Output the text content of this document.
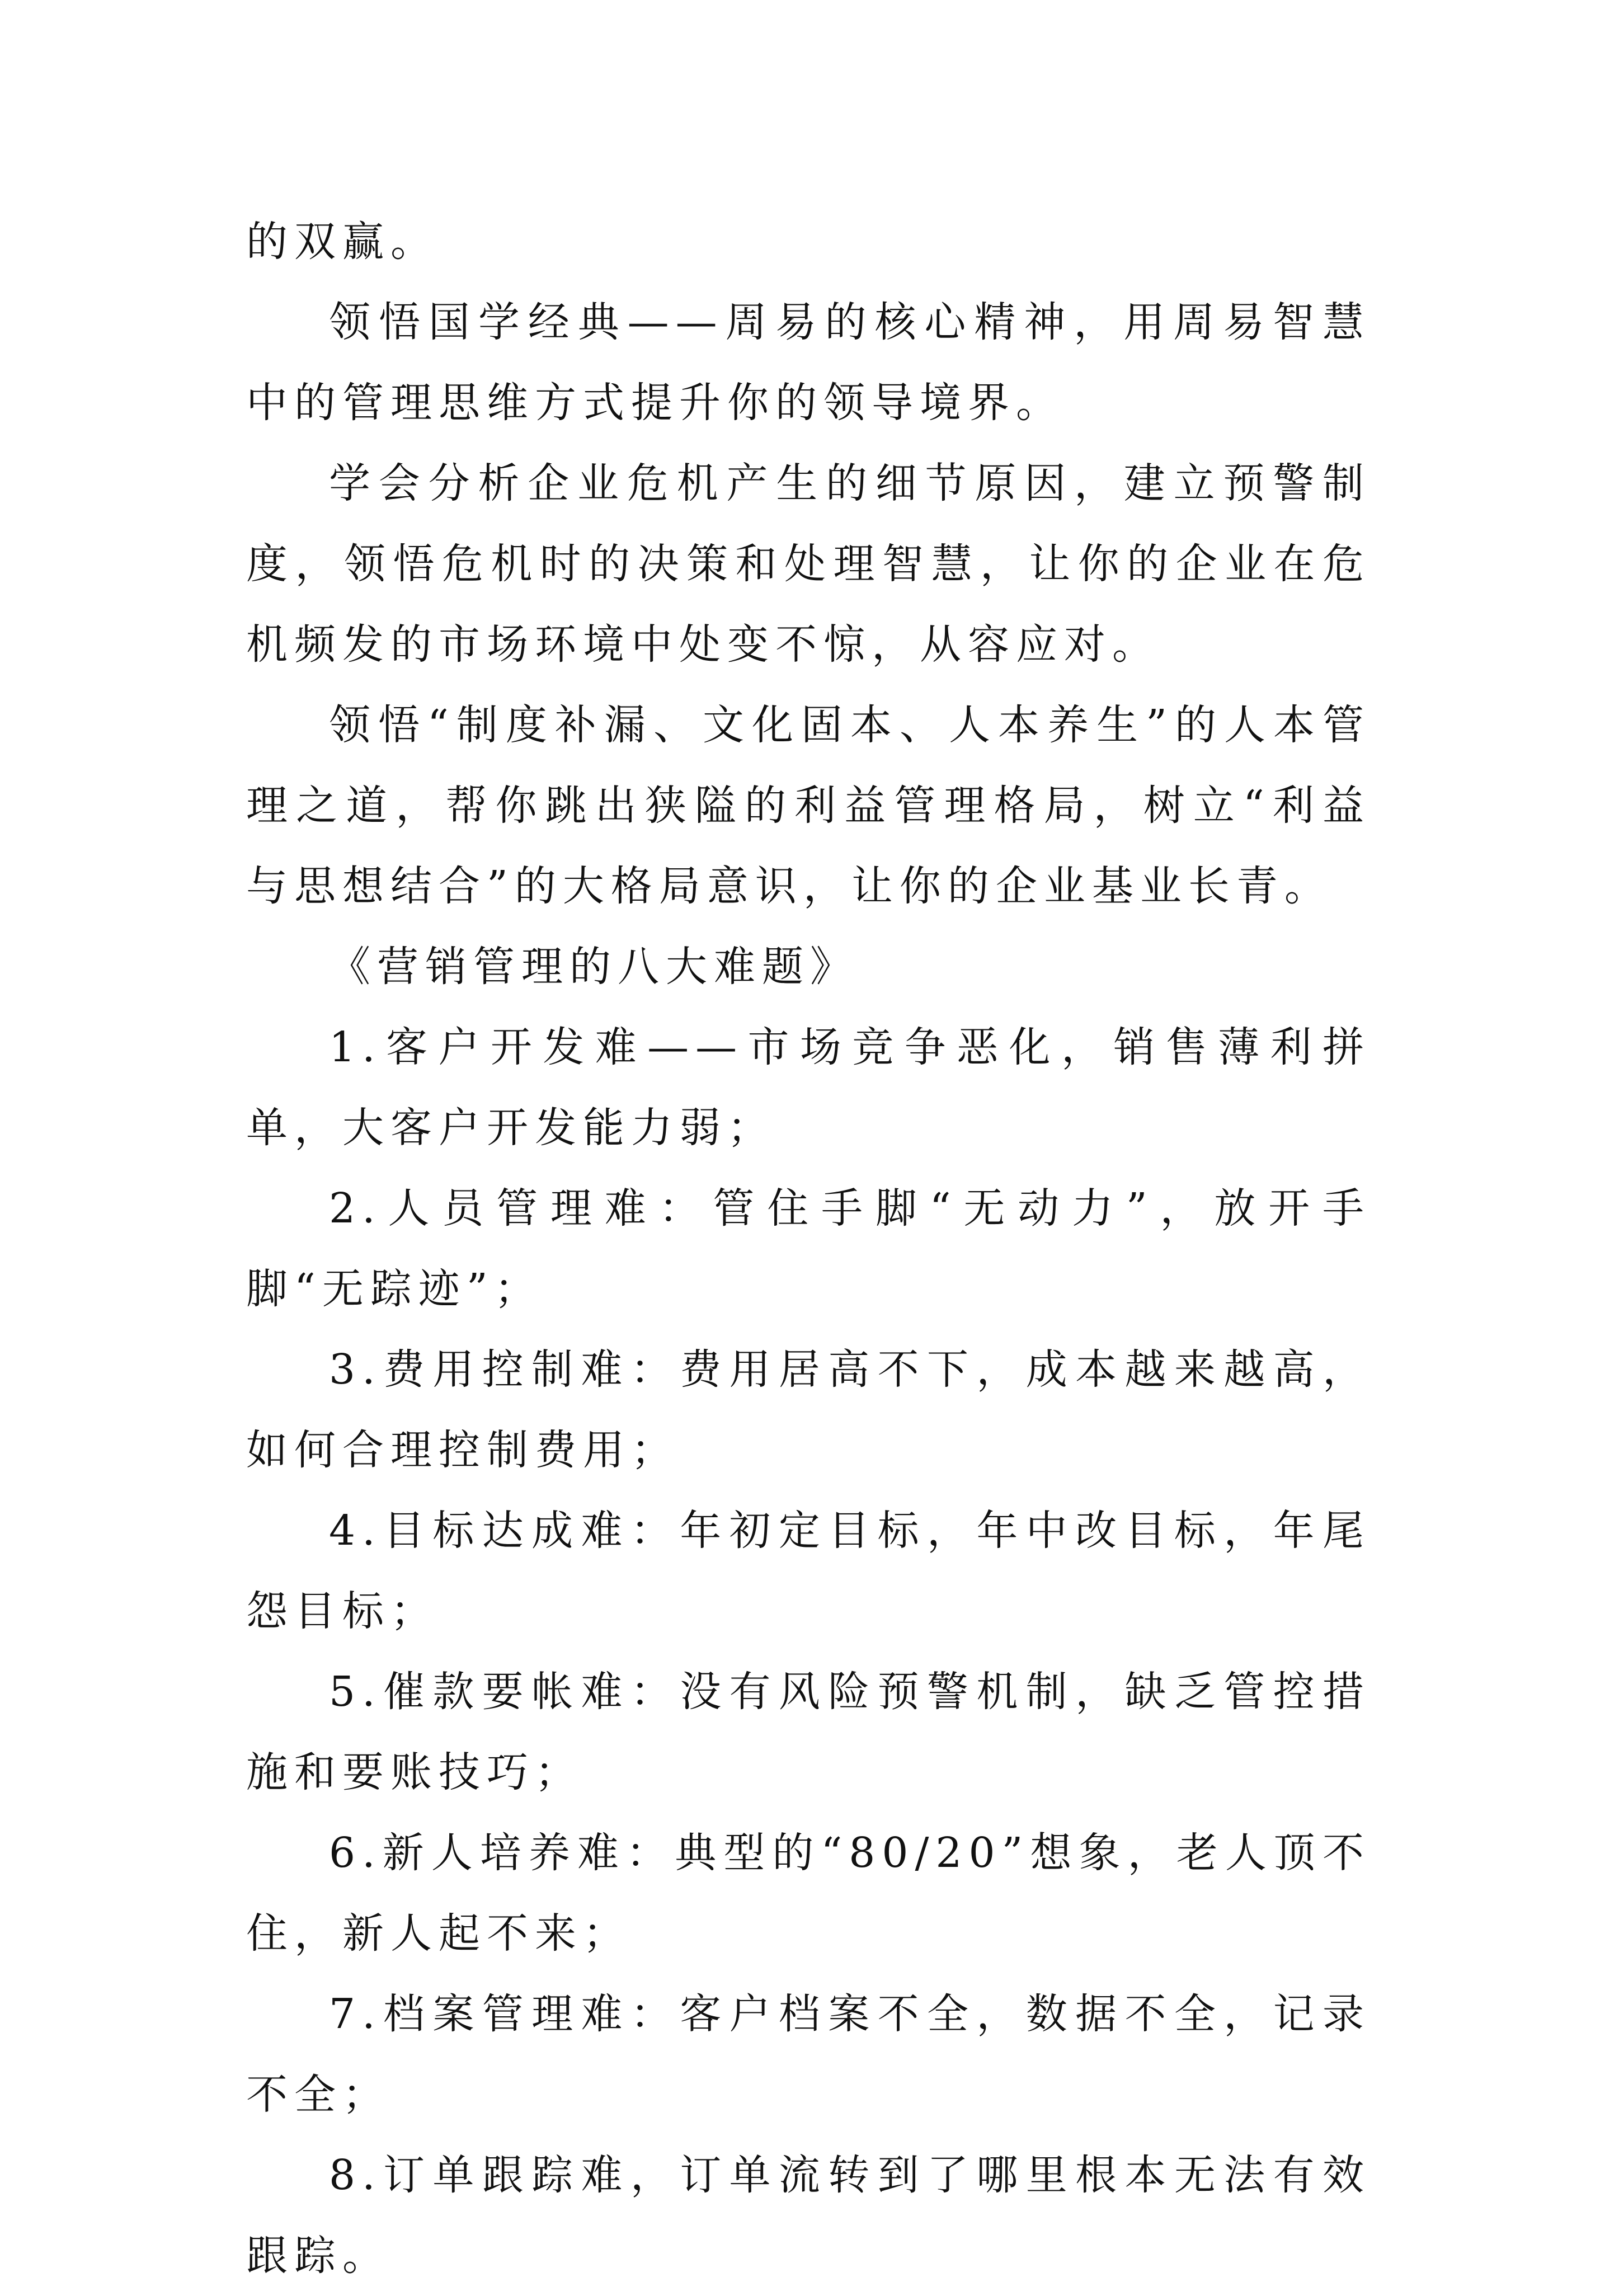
的双赢。

领悟国学经典——周易的核心精神，用周易智慧中的管理思维方式提升你的领导境界。

学会分析企业危机产生的细节原因，建立预警制度，领悟危机时的决策和处理智慧，让你的企业在危机频发的市场环境中处变不惊，从容应对。

领悟“制度补漏、文化固本、人本养生”的人本管理之道，帮你跳出狭隘的利益管理格局，树立“利益与思想结合”的大格局意识，让你的企业基业长青。

《营销管理的八大难题》

1.客户开发难——市场竞争恶化，销售薄利拼单，大客户开发能力弱；

2.人员管理难：管住手脚“无动力”，放开手脚“无踪迹”；

3.费用控制难：费用居高不下，成本越来越高，如何合理控制费用；

4.目标达成难：年初定目标，年中改目标，年尾怨目标；

5.催款要帐难：没有风险预警机制，缺乏管控措施和要账技巧；

6.新人培养难：典型的“80/20”想象，老人顶不住，新人起不来；

7.档案管理难：客户档案不全，数据不全，记录不全；

8.订单跟踪难，订单流转到了哪里根本无法有效跟踪。
